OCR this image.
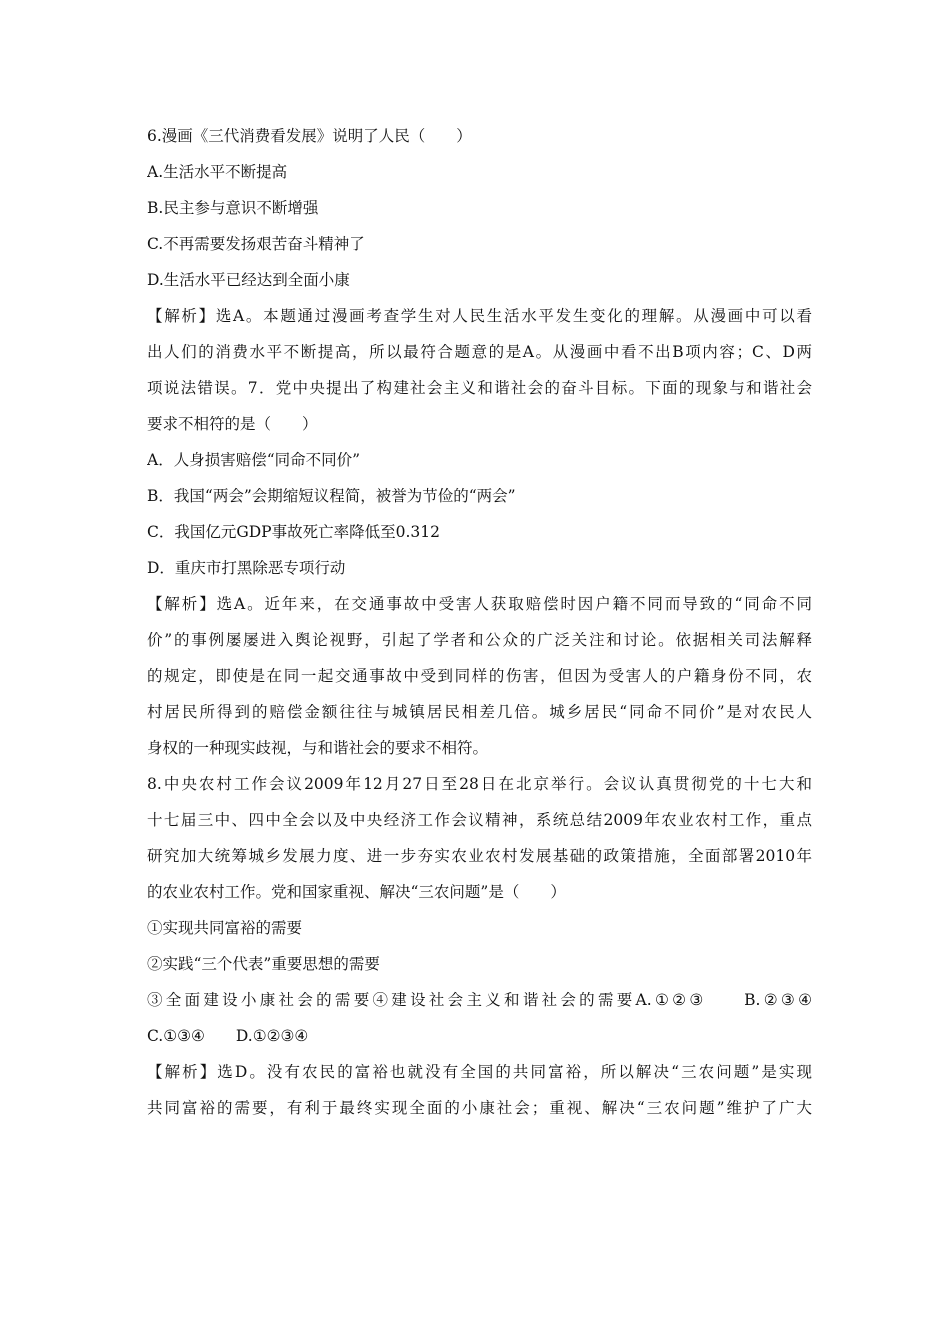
6.漫画《三代消费看发展》说明了人民（　　）
A.生活水平不断提高
B.民主参与意识不断增强
C.不再需要发扬艰苦奋斗精神了
D.生活水平已经达到全面小康
【解析】选A。本题通过漫画考查学生对人民生活水平发生变化的理解。从漫画中可以看
出人们的消费水平不断提高，所以最符合题意的是A。从漫画中看不出B项内容；C、D两
项说法错误。7．党中央提出了构建社会主义和谐社会的奋斗目标。下面的现象与和谐社会
要求不相符的是（　　）
A．人身损害赔偿“同命不同价”
B．我国“两会”会期缩短议程简，被誉为节俭的“两会”
C．我国亿元GDP事故死亡率降低至0.312
D．重庆市打黑除恶专项行动
【解析】选A。近年来，在交通事故中受害人获取赔偿时因户籍不同而导致的“同命不同
价”的事例屡屡进入舆论视野，引起了学者和公众的广泛关注和讨论。依据相关司法解释
的规定，即使是在同一起交通事故中受到同样的伤害，但因为受害人的户籍身份不同，农
村居民所得到的赔偿金额往往与城镇居民相差几倍。城乡居民“同命不同价”是对农民人
身权的一种现实歧视，与和谐社会的要求不相符。
8.中央农村工作会议2009年12月27日至28日在北京举行。会议认真贯彻党的十七大和
十七届三中、四中全会以及中央经济工作会议精神，系统总结2009年农业农村工作，重点
研究加大统筹城乡发展力度、进一步夯实农业农村发展基础的政策措施，全面部署2010年
的农业农村工作。党和国家重视、解决“三农问题”是（　　）
①实现共同富裕的需要
②实践“三个代表”重要思想的需要
③全面建设小康社会的需要④建设社会主义和谐社会的需要A.①②③　　B.②③④
C.①③④　　D.①②③④
【解析】选D。没有农民的富裕也就没有全国的共同富裕，所以解决“三农问题”是实现
共同富裕的需要，有利于最终实现全面的小康社会；重视、解决“三农问题”维护了广大
